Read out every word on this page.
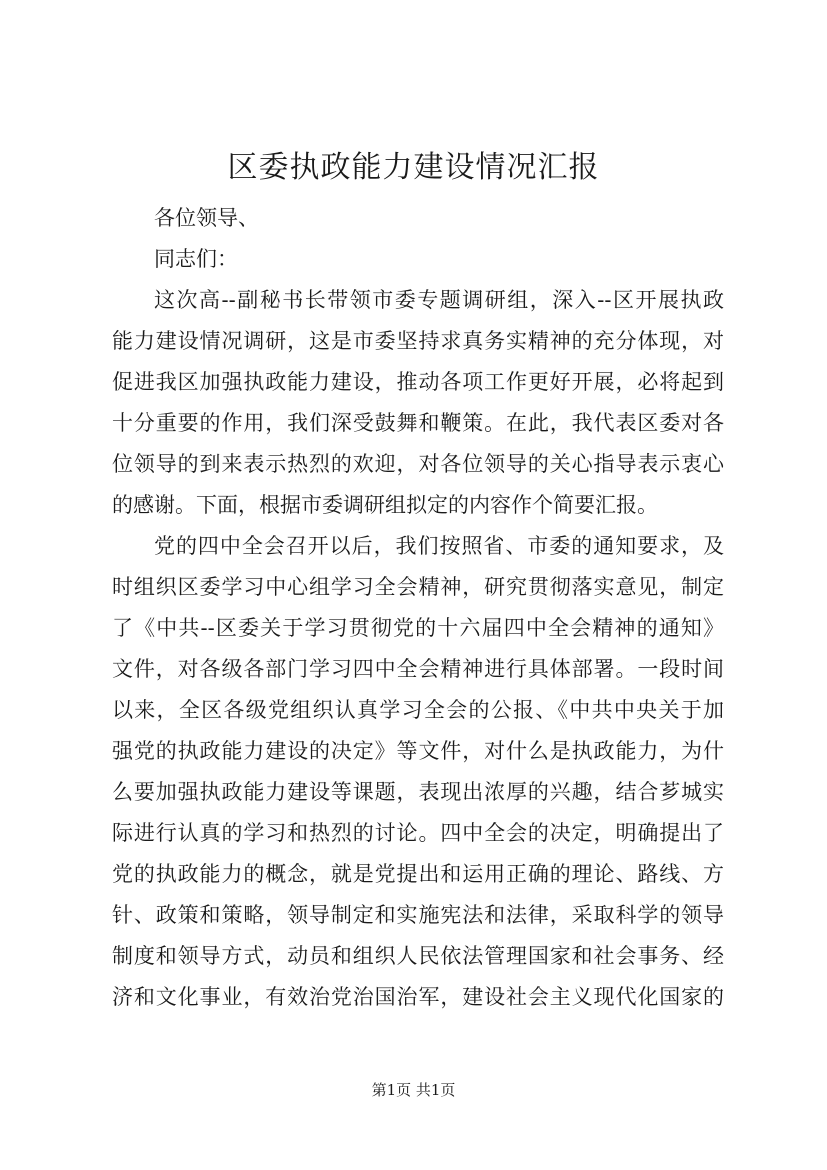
区委执政能力建设情况汇报
各位领导、
同志们：
这次高--副秘书长带领市委专题调研组，深入--区开展执政
能力建设情况调研，这是市委坚持求真务实精神的充分体现，对
促进我区加强执政能力建设，推动各项工作更好开展，必将起到
十分重要的作用，我们深受鼓舞和鞭策。在此，我代表区委对各
位领导的到来表示热烈的欢迎，对各位领导的关心指导表示衷心
的感谢。下面，根据市委调研组拟定的内容作个简要汇报。
党的四中全会召开以后，我们按照省、市委的通知要求，及
时组织区委学习中心组学习全会精神，研究贯彻落实意见，制定
了《中共--区委关于学习贯彻党的十六届四中全会精神的通知》
文件，对各级各部门学习四中全会精神进行具体部署。一段时间
以来，全区各级党组织认真学习全会的公报、《中共中央关于加
强党的执政能力建设的决定》等文件，对什么是执政能力，为什
么要加强执政能力建设等课题，表现出浓厚的兴趣，结合芗城实
际进行认真的学习和热烈的讨论。四中全会的决定，明确提出了
党的执政能力的概念，就是党提出和运用正确的理论、路线、方
针、政策和策略，领导制定和实施宪法和法律，采取科学的领导
制度和领导方式，动员和组织人民依法管理国家和社会事务、经
济和文化事业，有效治党治国治军，建设社会主义现代化国家的
第1页 共1页
